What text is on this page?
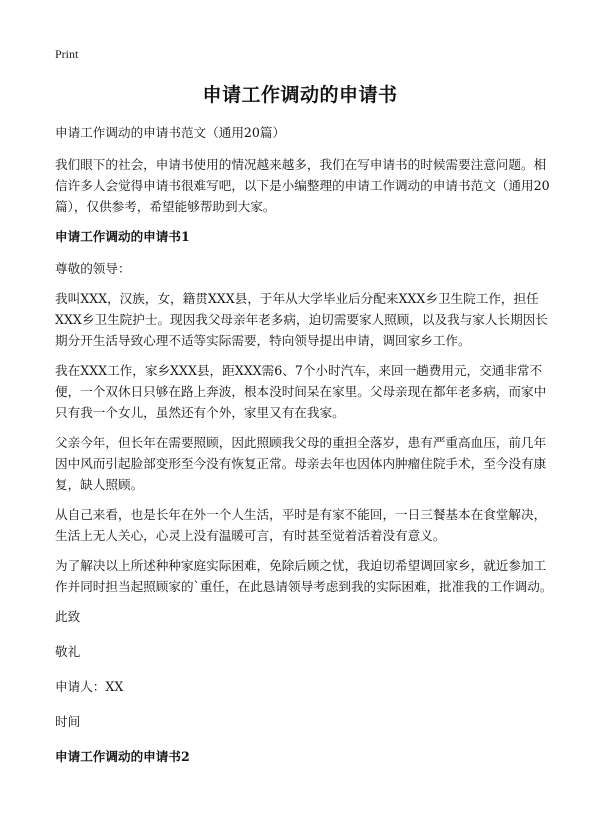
Print
申请工作调动的申请书

申请工作调动的申请书范文（通用20篇）

我们眼下的社会，申请书使用的情况越来越多，我们在写申请书的时候需要注意问题。相信许多人会觉得申请书很难写吧，以下是小编整理的申请工作调动的申请书范文（通用20篇），仅供参考，希望能够帮助到大家。

申请工作调动的申请书1

尊敬的领导：

我叫XXX，汉族，女，籍贯XXX县，于年从大学毕业后分配来XXX乡卫生院工作，担任XXX乡卫生院护士。现因我父母亲年老多病，迫切需要家人照顾，以及我与家人长期因长期分开生活导致心理不适等实际需要，特向领导提出申请，调回家乡工作。

我在XXX工作，家乡XXX县，距XXX需6、7个小时汽车，来回一趟费用元，交通非常不便，一个双休日只够在路上奔波，根本没时间呆在家里。父母亲现在都年老多病，而家中只有我一个女儿，虽然还有个外，家里又有在我家。

父亲今年，但长年在需要照顾，因此照顾我父母的重担全落岁，患有严重高血压，前几年因中风而引起脸部变形至今没有恢复正常。母亲去年也因体内肿瘤住院手术，至今没有康复，缺人照顾。

从自己来看，也是长年在外一个人生活，平时是有家不能回，一日三餐基本在食堂解决，生活上无人关心，心灵上没有温暖可言，有时甚至觉着活着没有意义。

为了解决以上所述种种家庭实际困难，免除后顾之忧，我迫切希望调回家乡，就近参加工作并同时担当起照顾家的`重任，在此恳请领导考虑到我的实际困难，批准我的工作调动。

此致

敬礼

申请人：XX

时间

申请工作调动的申请书2
